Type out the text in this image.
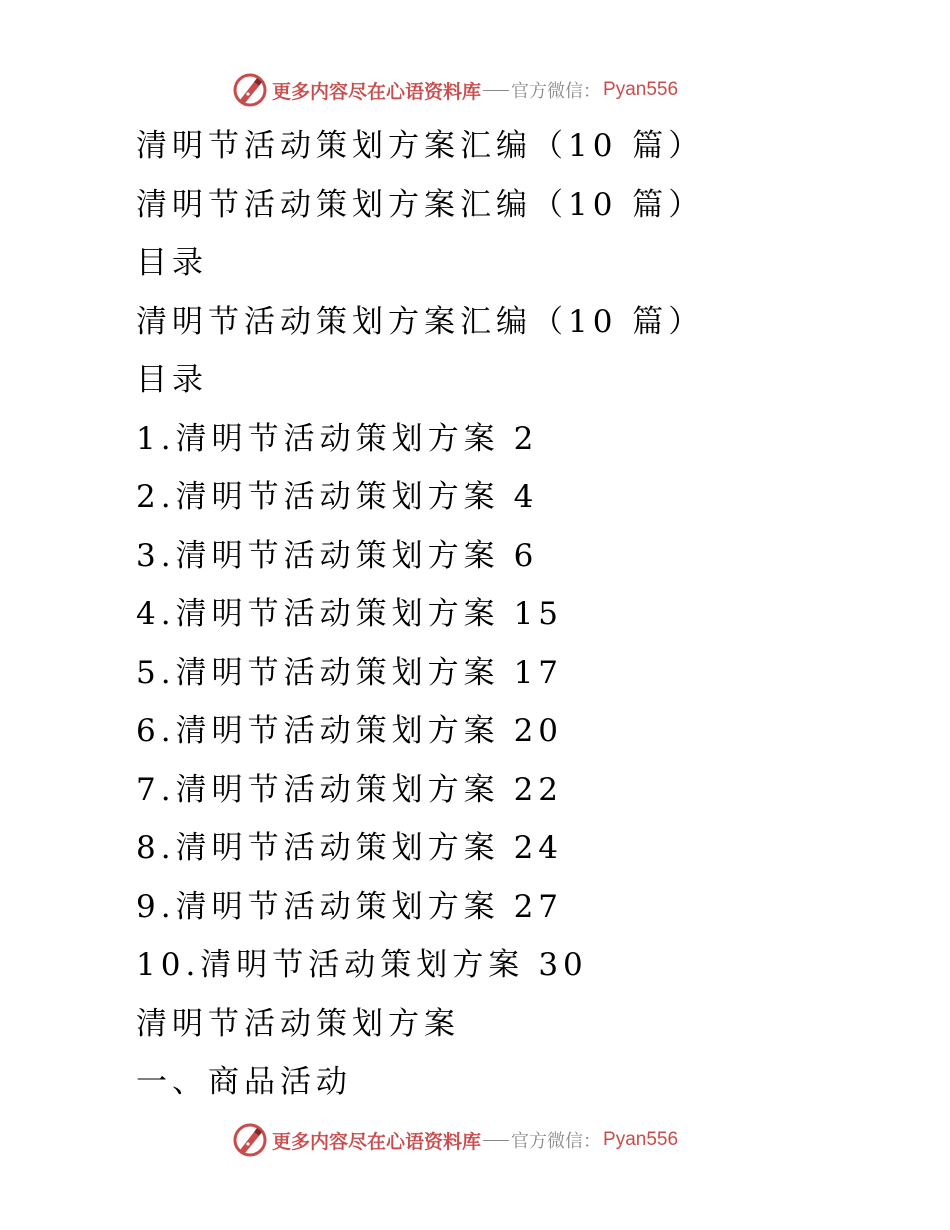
更多内容尽在心语资料库 官方微信： Pyan556
清明节活动策划方案汇编（10 篇）
清明节活动策划方案汇编（10 篇）
目录
清明节活动策划方案汇编（10 篇）
目录
1.清明节活动策划方案 2
2.清明节活动策划方案 4
3.清明节活动策划方案 6
4.清明节活动策划方案 15
5.清明节活动策划方案 17
6.清明节活动策划方案 20
7.清明节活动策划方案 22
8.清明节活动策划方案 24
9.清明节活动策划方案 27
10.清明节活动策划方案 30
清明节活动策划方案
一、商品活动
更多内容尽在心语资料库 官方微信： Pyan556
